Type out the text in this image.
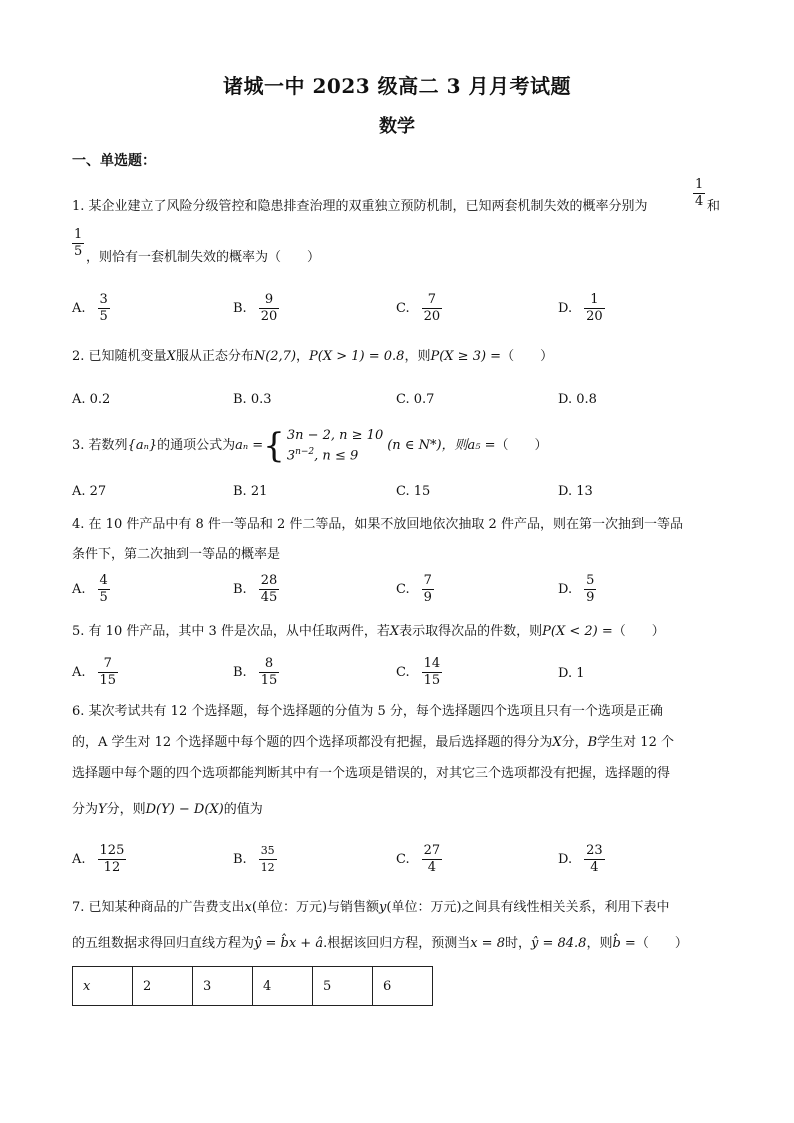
诸城一中 2023 级高二 3 月月考试题
数学
一、单选题：
1. 某企业建立了风险分级管控和隐患排查治理的双重独立预防机制，已知两套机制失效的概率分别为	$\frac{1}{4}$ 和
$\frac{1}{5}$ ，则恰有一套机制失效的概率为（　　）
A. $\frac{3}{5}$	B. $\frac{9}{20}$	C. $\frac{7}{20}$	D. $\frac{1}{20}$
2. 已知随机变量X服从正态分布N(2,7)，P(X > 1) = 0.8，则P(X ≥ 3) =（　　）
A. 0.2	B. 0.3	C. 0.7	D. 0.8
3. 若数列 {aₙ} 的通项公式为 aₙ = { 3n − 2, n ≥ 10
$3^{n-2}$, n ≤ 9
(n ∈ N*) ，则a₅ = （　　）
A. 27	B. 21	C. 15	D. 13
4. 在 10 件产品中有 8 件一等品和 2 件二等品，如果不放回地依次抽取 2 件产品，则在第一次抽到一等品
条件下，第二次抽到一等品的概率是
A. $\frac{4}{5}$	B. $\frac{28}{45}$	C. $\frac{7}{9}$	D. $\frac{5}{9}$
5. 有 10 件产品，其中 3 件是次品，从中任取两件，若X表示取得次品的件数，则P(X < 2) =（　　）
A. $\frac{7}{15}$	B. $\frac{8}{15}$	C. $\frac{14}{15}$	D. 1
6. 某次考试共有 12 个选择题，每个选择题的分值为 5 分，每个选择题四个选项且只有一个选项是正确
的，A 学生对 12 个选择题中每个题的四个选择项都没有把握，最后选择题的得分为X分，B学生对 12 个
选择题中每个题的四个选项都能判断其中有一个选项是错误的，对其它三个选项都没有把握，选择题的得
分为Y分，则D(Y) − D(X)的值为
A. $\frac{125}{12}$	B. $\frac{35}{12}$	C. $\frac{27}{4}$	D. $\frac{23}{4}$
7. 已知某种商品的广告费支出x(单位：万元)与销售额y(单位：万元)之间具有线性相关关系，利用下表中
的五组数据求得回归直线方程为ŷ = b̂x + â.根据该回归方程，预测当x = 8时，ŷ = 84.8，则b̂ =（　　）
x	2	3	4	5	6
